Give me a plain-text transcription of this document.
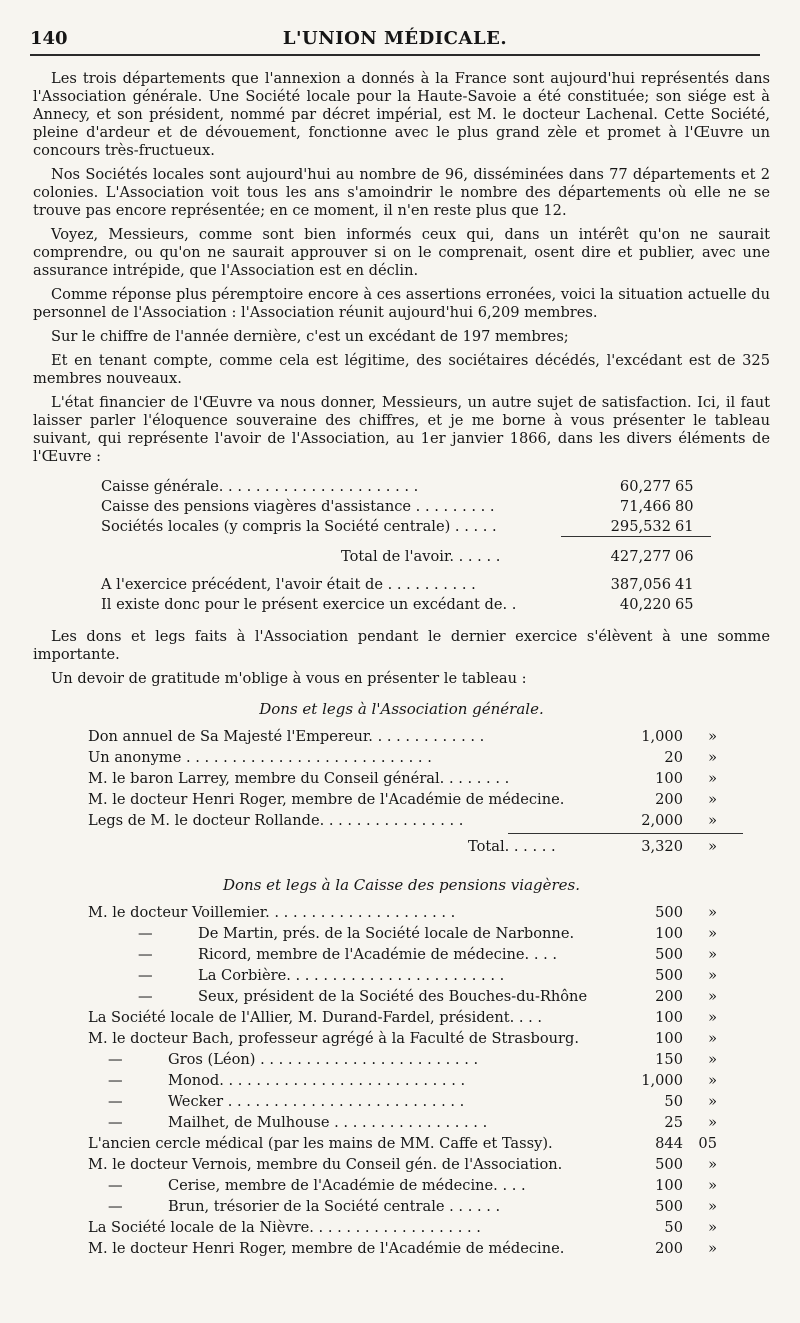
140	L'UNION MÉDICALE.

Les trois départements que l'annexion a donnés à la France sont aujourd'hui représentés dans l'Association générale. Une Société locale pour la Haute-Savoie a été constituée; son siége est à Annecy, et son président, nommé par décret impérial, est M. le docteur Lachenal. Cette Société, pleine d'ardeur et de dévouement, fonctionne avec le plus grand zèle et promet à l'Œuvre un concours très-fructueux.

Nos Sociétés locales sont aujourd'hui au nombre de 96, disséminées dans 77 départements et 2 colonies. L'Association voit tous les ans s'amoindrir le nombre des départements où elle ne se trouve pas encore représentée; en ce moment, il n'en reste plus que 12.

Voyez, Messieurs, comme sont bien informés ceux qui, dans un intérêt qu'on ne saurait comprendre, ou qu'on ne saurait approuver si on le comprenait, osent dire et publier, avec une assurance intrépide, que l'Association est en déclin.

Comme réponse plus péremptoire encore à ces assertions erronées, voici la situation actuelle du personnel de l'Association : l'Association réunit aujourd'hui 6,209 membres.

Sur le chiffre de l'année dernière, c'est un excédant de 197 membres;

Et en tenant compte, comme cela est légitime, des sociétaires décédés, l'excédant est de 325 membres nouveaux.

L'état financier de l'Œuvre va nous donner, Messieurs, un autre sujet de satisfaction. Ici, il faut laisser parler l'éloquence souveraine des chiffres, et je me borne à vous présenter le tableau suivant, qui représente l'avoir de l'Association, au 1er janvier 1866, dans les divers éléments de l'Œuvre :

Caisse générale. . . . . . . . . . . . . . . . . . . . . .	60,277 65
Caisse des pensions viagères d'assistance . . . . . . . . .	71,466 80
Sociétés locales (y compris la Société centrale) . . . . .	295,532 61
Total de l'avoir. . . . . .	427,277 06
A l'exercice précédent, l'avoir était de . . . . . . . . . .	387,056 41
Il existe donc pour le présent exercice un excédant de. .	40,220 65

Les dons et legs faits à l'Association pendant le dernier exercice s'élèvent à une somme importante.

Un devoir de gratitude m'oblige à vous en présenter le tableau :

Dons et legs à l'Association générale.
Don annuel de Sa Majesté l'Empereur. . . . . . . . . . . . .	1,000 »
Un anonyme . . . . . . . . . . . . . . . . . . . . . . . . . . .	20 »
M. le baron Larrey, membre du Conseil général. . . . . . . .	100 »
M. le docteur Henri Roger, membre de l'Académie de médecine.	200 »
Legs de M. le docteur Rollande. . . . . . . . . . . . . . . .	2,000 »
Total. . . . . .	3,320 »
Dons et legs à la Caisse des pensions viagères.
M. le docteur Voillemier. . . . . . . . . . . . . . . . . . . . .	500 »
—	De Martin, prés. de la Société locale de Narbonne.	100 »
—	Ricord, membre de l'Académie de médecine. . . .	500 »
—	La Corbière. . . . . . . . . . . . . . . . . . . . . . . .	500 »
—	Seux, président de la Société des Bouches-du-Rhône	200 »
La Société locale de l'Allier, M. Durand-Fardel, président. . . .	100 »
M. le docteur Bach, professeur agrégé à la Faculté de Strasbourg.	100 »
—	Gros (Léon) . . . . . . . . . . . . . . . . . . . . . . . .	150 »
—	Monod. . . . . . . . . . . . . . . . . . . . . . . . . . .	1,000 »
—	Wecker . . . . . . . . . . . . . . . . . . . . . . . . . .	50 »
—	Mailhet, de Mulhouse . . . . . . . . . . . . . . . . .	25 »
L'ancien cercle médical (par les mains de MM. Caffe et Tassy).	844 05
M. le docteur Vernois, membre du Conseil gén. de l'Association.	500 »
—	Cerise, membre de l'Académie de médecine. . . .	100 »
—	Brun, trésorier de la Société centrale . . . . . .	500 »
La Société locale de la Nièvre. . . . . . . . . . . . . . . . . . .	50 »
M. le docteur Henri Roger, membre de l'Académie de médecine.	200 »
